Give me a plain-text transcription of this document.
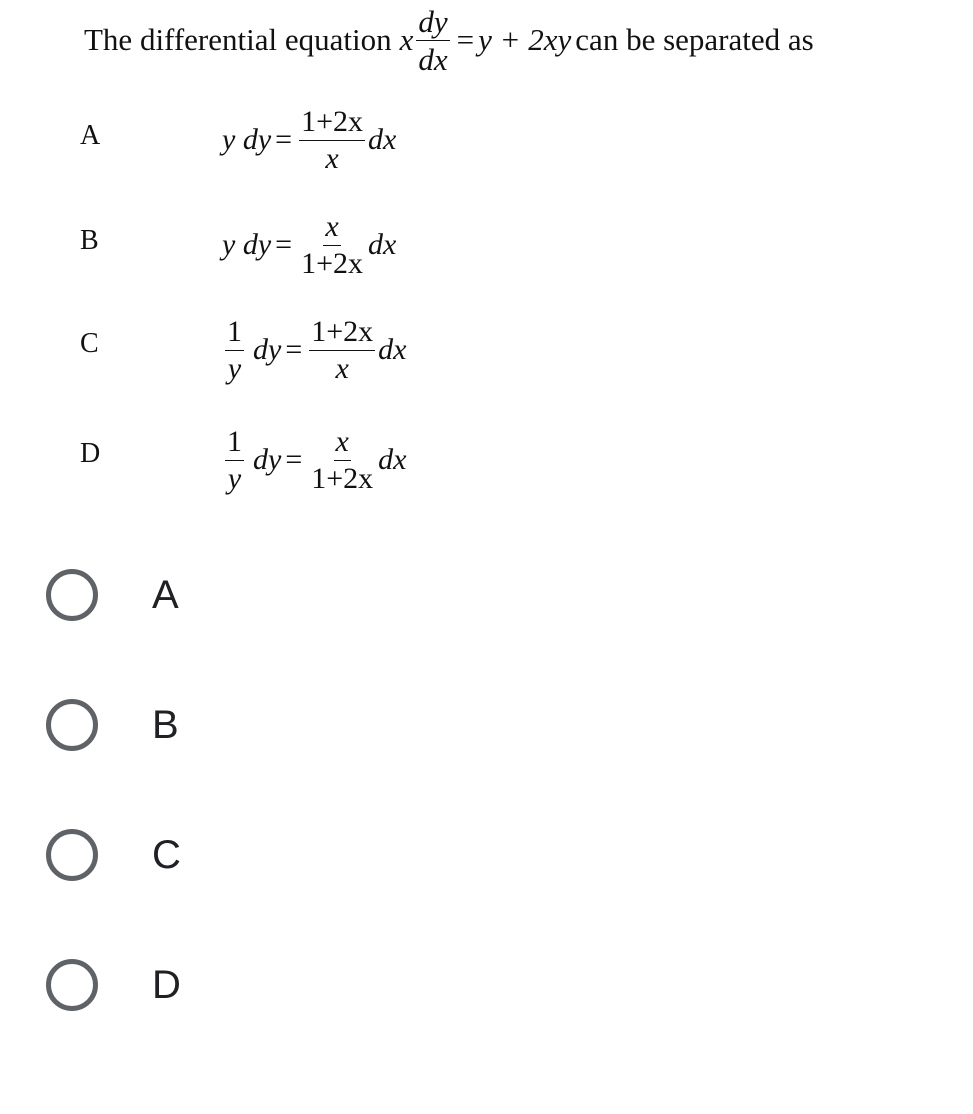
The differential equation x $\frac{dy}{dx} = y + 2xy$ can be separated as
A	y dy = $\frac{1+2x}{x}$ dx
B	y dy = $\frac{x}{1+2x}$ dx
C	$\frac{1}{y}$ dy = $\frac{1+2x}{x}$ dx
D	$\frac{1}{y}$ dy = $\frac{x}{1+2x}$ dx
A
B
C
D
